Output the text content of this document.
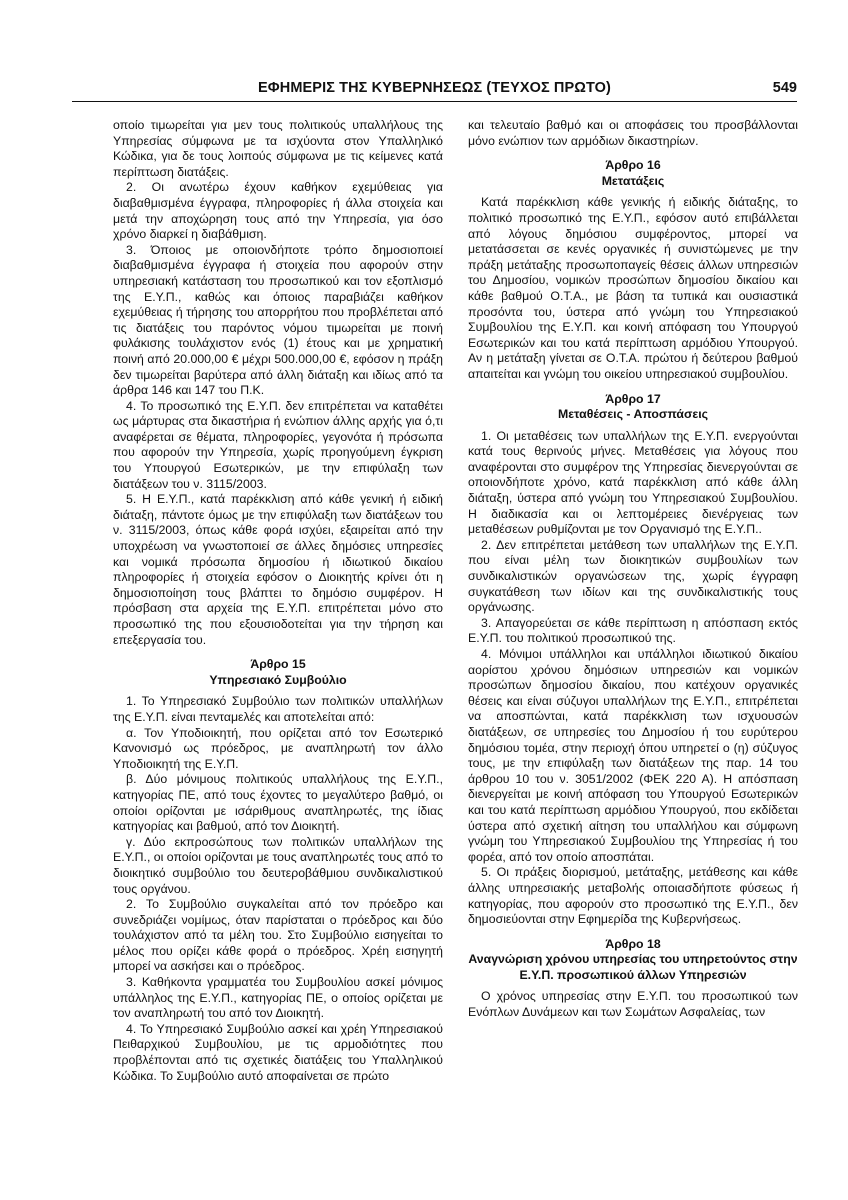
ΕΦΗΜΕΡΙΣ ΤΗΣ ΚΥΒΕΡΝΗΣΕΩΣ (ΤΕΥΧΟΣ ΠΡΩΤΟ)	549

οποίο τιμωρείται για μεν τους πολιτικούς υπαλλήλους της Υπηρεσίας σύμφωνα με τα ισχύοντα στον Υπαλληλικό Κώδικα, για δε τους λοιπούς σύμφωνα με τις κείμενες κατά περίπτωση διατάξεις.

2. Οι ανωτέρω έχουν καθήκον εχεμύθειας για διαβαθμισμένα έγγραφα, πληροφορίες ή άλλα στοιχεία και μετά την αποχώρηση τους από την Υπηρεσία, για όσο χρόνο διαρκεί η διαβάθμιση.

3. Όποιος με οποιονδήποτε τρόπο δημοσιοποιεί διαβαθμισμένα έγγραφα ή στοιχεία που αφορούν στην υπηρεσιακή κατάσταση του προσωπικού και τον εξοπλισμό της Ε.Υ.Π., καθώς και όποιος παραβιάζει καθήκον εχεμύθειας ή τήρησης του απορρήτου που προβλέπεται από τις διατάξεις του παρόντος νόμου τιμωρείται με ποινή φυλάκισης τουλάχιστον ενός (1) έτους και με χρηματική ποινή από 20.000,00 € μέχρι 500.000,00 €, εφόσον η πράξη δεν τιμωρείται βαρύτερα από άλλη διάταξη και ιδίως από τα άρθρα 146 και 147 του Π.Κ.

4. Το προσωπικό της Ε.Υ.Π. δεν επιτρέπεται να καταθέτει ως μάρτυρας στα δικαστήρια ή ενώπιον άλλης αρχής για ό,τι αναφέρεται σε θέματα, πληροφορίες, γεγονότα ή πρόσωπα που αφορούν την Υπηρεσία, χωρίς προηγούμενη έγκριση του Υπουργού Εσωτερικών, με την επιφύλαξη των διατάξεων του ν. 3115/2003.

5. Η Ε.Υ.Π., κατά παρέκκλιση από κάθε γενική ή ειδική διάταξη, πάντοτε όμως με την επιφύλαξη των διατάξεων του ν. 3115/2003, όπως κάθε φορά ισχύει, εξαιρείται από την υποχρέωση να γνωστοποιεί σε άλλες δημόσιες υπηρεσίες και νομικά πρόσωπα δημοσίου ή ιδιωτικού δικαίου πληροφορίες ή στοιχεία εφόσον ο Διοικητής κρίνει ότι η δημοσιοποίηση τους βλάπτει το δημόσιο συμφέρον. Η πρόσβαση στα αρχεία της Ε.Υ.Π. επιτρέπεται μόνο στο προσωπικό της που εξουσιοδοτείται για την τήρηση και επεξεργασία του.

Άρθρο 15
Υπηρεσιακό Συμβούλιο

1. Το Υπηρεσιακό Συμβούλιο των πολιτικών υπαλλήλων της Ε.Υ.Π. είναι πενταμελές και αποτελείται από:

α. Τον Υποδιοικητή, που ορίζεται από τον Εσωτερικό Κανονισμό ως πρόεδρος, με αναπληρωτή τον άλλο Υποδιοικητή της Ε.Υ.Π.

β. Δύο μόνιμους πολιτικούς υπαλλήλους της Ε.Υ.Π., κατηγορίας ΠΕ, από τους έχοντες το μεγαλύτερο βαθμό, οι οποίοι ορίζονται με ισάριθμους αναπληρωτές, της ίδιας κατηγορίας και βαθμού, από τον Διοικητή.

γ. Δύο εκπροσώπους των πολιτικών υπαλλήλων της Ε.Υ.Π., οι οποίοι ορίζονται με τους αναπληρωτές τους από το διοικητικό συμβούλιο του δευτεροβάθμιου συνδικαλιστικού τους οργάνου.

2. Το Συμβούλιο συγκαλείται από τον πρόεδρο και συνεδριάζει νομίμως, όταν παρίσταται ο πρόεδρος και δύο τουλάχιστον από τα μέλη του. Στο Συμβούλιο εισηγείται το μέλος που ορίζει κάθε φορά ο πρόεδρος. Χρέη εισηγητή μπορεί να ασκήσει και ο πρόεδρος.

3. Καθήκοντα γραμματέα του Συμβουλίου ασκεί μόνιμος υπάλληλος της Ε.Υ.Π., κατηγορίας ΠΕ, ο οποίος ορίζεται με τον αναπληρωτή του από τον Διοικητή.

4. Το Υπηρεσιακό Συμβούλιο ασκεί και χρέη Υπηρεσιακού Πειθαρχικού Συμβουλίου, με τις αρμοδιότητες που προβλέπονται από τις σχετικές διατάξεις του Υπαλληλικού Κώδικα. Το Συμβούλιο αυτό αποφαίνεται σε πρώτο

και τελευταίο βαθμό και οι αποφάσεις του προσβάλλονται μόνο ενώπιον των αρμόδιων δικαστηρίων.

Άρθρο 16
Μετατάξεις

Κατά παρέκκλιση κάθε γενικής ή ειδικής διάταξης, το πολιτικό προσωπικό της Ε.Υ.Π., εφόσον αυτό επιβάλλεται από λόγους δημόσιου συμφέροντος, μπορεί να μετατάσσεται σε κενές οργανικές ή συνιστώμενες με την πράξη μετάταξης προσωποπαγείς θέσεις άλλων υπηρεσιών του Δημοσίου, νομικών προσώπων δημοσίου δικαίου και κάθε βαθμού Ο.Τ.Α., με βάση τα τυπικά και ουσιαστικά προσόντα του, ύστερα από γνώμη του Υπηρεσιακού Συμβουλίου της Ε.Υ.Π. και κοινή απόφαση του Υπουργού Εσωτερικών και του κατά περίπτωση αρμόδιου Υπουργού. Αν η μετάταξη γίνεται σε Ο.Τ.Α. πρώτου ή δεύτερου βαθμού απαιτείται και γνώμη του οικείου υπηρεσιακού συμβουλίου.

Άρθρο 17
Μεταθέσεις - Αποσπάσεις

1. Οι μεταθέσεις των υπαλλήλων της Ε.Υ.Π. ενεργούνται κατά τους θερινούς μήνες. Μεταθέσεις για λόγους που αναφέρονται στο συμφέρον της Υπηρεσίας διενεργούνται σε οποιονδήποτε χρόνο, κατά παρέκκλιση από κάθε άλλη διάταξη, ύστερα από γνώμη του Υπηρεσιακού Συμβουλίου. Η διαδικασία και οι λεπτομέρειες διενέργειας των μεταθέσεων ρυθμίζονται με τον Οργανισμό της Ε.Υ.Π..

2. Δεν επιτρέπεται μετάθεση των υπαλλήλων της Ε.Υ.Π. που είναι μέλη των διοικητικών συμβουλίων των συνδικαλιστικών οργανώσεων της, χωρίς έγγραφη συγκατάθεση των ιδίων και της συνδικαλιστικής τους οργάνωσης.

3. Απαγορεύεται σε κάθε περίπτωση η απόσπαση εκτός Ε.Υ.Π. του πολιτικού προσωπικού της.

4. Μόνιμοι υπάλληλοι και υπάλληλοι ιδιωτικού δικαίου αορίστου χρόνου δημόσιων υπηρεσιών και νομικών προσώπων δημοσίου δικαίου, που κατέχουν οργανικές θέσεις και είναι σύζυγοι υπαλλήλων της Ε.Υ.Π., επιτρέπεται να αποσπώνται, κατά παρέκκλιση των ισχυουσών διατάξεων, σε υπηρεσίες του Δημοσίου ή του ευρύτερου δημόσιου τομέα, στην περιοχή όπου υπηρετεί ο (η) σύζυγος τους, με την επιφύλαξη των διατάξεων της παρ. 14 του άρθρου 10 του ν. 3051/2002 (ΦΕΚ 220 Α). Η απόσπαση διενεργείται με κοινή απόφαση του Υπουργού Εσωτερικών και του κατά περίπτωση αρμόδιου Υπουργού, που εκδίδεται ύστερα από σχετική αίτηση του υπαλλήλου και σύμφωνη γνώμη του Υπηρεσιακού Συμβουλίου της Υπηρεσίας ή του φορέα, από τον οποίο αποσπάται.

5. Οι πράξεις διορισμού, μετάταξης, μετάθεσης και κάθε άλλης υπηρεσιακής μεταβολής οποιασδήποτε φύσεως ή κατηγορίας, που αφορούν στο προσωπικό της Ε.Υ.Π., δεν δημοσιεύονται στην Εφημερίδα της Κυβερνήσεως.

Άρθρο 18
Αναγνώριση χρόνου υπηρεσίας του υπηρετούντος στην Ε.Υ.Π. προσωπικού άλλων Υπηρεσιών

Ο χρόνος υπηρεσίας στην Ε.Υ.Π. του προσωπικού των Ενόπλων Δυνάμεων και των Σωμάτων Ασφαλείας, των
